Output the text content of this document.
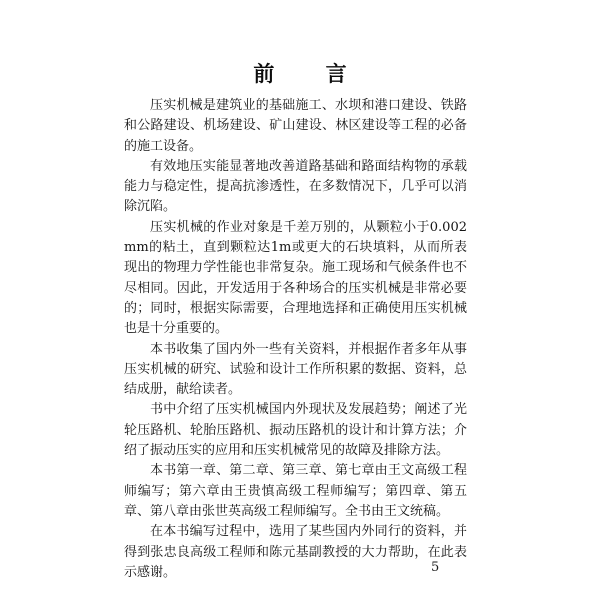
前 言

压实机械是建筑业的基础施工、水坝和港口建设、铁路和公路建设、机场建设、矿山建设、林区建设等工程的必备的施工设备。

有效地压实能显著地改善道路基础和路面结构物的承载能力与稳定性，提高抗渗透性，在多数情况下，几乎可以消除沉陷。

压实机械的作业对象是千差万别的，从颗粒小于0.002mm的粘土，直到颗粒达1m或更大的石块填料，从而所表现出的物理力学性能也非常复杂。施工现场和气候条件也不尽相同。因此，开发适用于各种场合的压实机械是非常必要的；同时，根据实际需要，合理地选择和正确使用压实机械也是十分重要的。

本书收集了国内外一些有关资料，并根据作者多年从事压实机械的研究、试验和设计工作所积累的数据、资料，总结成册，献给读者。

书中介绍了压实机械国内外现状及发展趋势；阐述了光轮压路机、轮胎压路机、振动压路机的设计和计算方法；介绍了振动压实的应用和压实机械常见的故障及排除方法。

本书第一章、第二章、第三章、第七章由王文高级工程师编写；第六章由王贵慎高级工程师编写；第四章、第五章、第八章由张世英高级工程师编写。全书由王文统稿。

在本书编写过程中，选用了某些国内外同行的资料，并得到张忠良高级工程师和陈元基副教授的大力帮助，在此表示感谢。	5
